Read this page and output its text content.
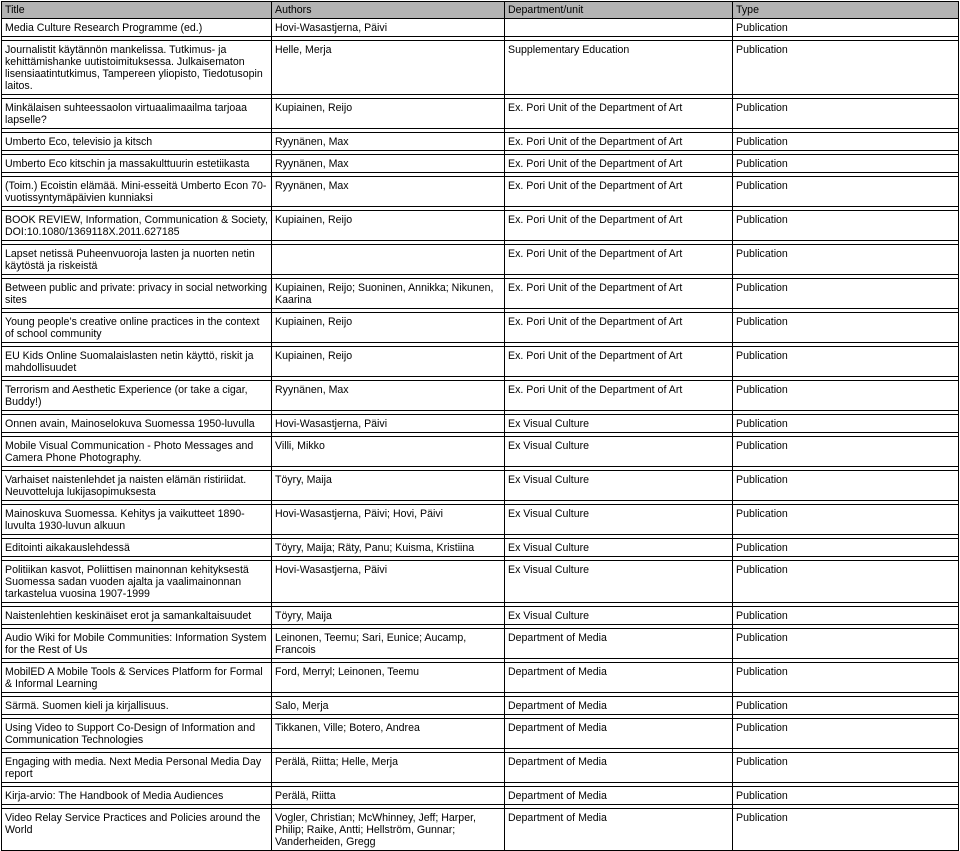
Title	Authors	Department/unit	Type
Media Culture Research Programme (ed.)	Hovi-Wasastjerna, Päivi		Publication

Journalistit käytännön mankelissa. Tutkimus- ja kehittämishanke uutistoimituksessa. Julkaisematon lisensiaatintutkimus, Tampereen yliopisto, Tiedotusopin laitos.	Helle, Merja	Supplementary Education	Publication

Minkälaisen suhteessaolon virtuaalimaailma tarjoaa lapselle?	Kupiainen, Reijo	Ex. Pori Unit of the Department of Art	Publication

Umberto Eco, televisio ja kitsch	Ryynänen, Max	Ex. Pori Unit of the Department of Art	Publication

Umberto Eco kitschin ja massakulttuurin estetiikasta	Ryynänen, Max	Ex. Pori Unit of the Department of Art	Publication

(Toim.) Ecoistin elämää. Mini-esseitä Umberto Econ 70-vuotissyntymäpäivien kunniaksi	Ryynänen, Max	Ex. Pori Unit of the Department of Art	Publication

BOOK REVIEW, Information, Communication & Society, DOI:10.1080/1369118X.2011.627185	Kupiainen, Reijo	Ex. Pori Unit of the Department of Art	Publication

Lapset netissä Puheenvuoroja lasten ja nuorten netin käytöstä ja riskeistä		Ex. Pori Unit of the Department of Art	Publication

Between public and private: privacy in social networking sites	Kupiainen, Reijo; Suoninen, Annikka; Nikunen, Kaarina	Ex. Pori Unit of the Department of Art	Publication

Young people’s creative online practices in the context of school community	Kupiainen, Reijo	Ex. Pori Unit of the Department of Art	Publication

EU Kids Online Suomalaislasten netin käyttö, riskit ja mahdollisuudet	Kupiainen, Reijo	Ex. Pori Unit of the Department of Art	Publication

Terrorism and Aesthetic Experience (or take a cigar, Buddy!)	Ryynänen, Max	Ex. Pori Unit of the Department of Art	Publication

Onnen avain, Mainoselokuva Suomessa 1950-luvulla	Hovi-Wasastjerna, Päivi	Ex Visual Culture	Publication

Mobile Visual Communication - Photo Messages and Camera Phone Photography.	Villi, Mikko	Ex Visual Culture	Publication

Varhaiset naistenlehdet ja naisten elämän ristiriidat. Neuvotteluja lukijasopimuksesta	Töyry, Maija	Ex Visual Culture	Publication

Mainoskuva Suomessa. Kehitys ja vaikutteet 1890-luvulta 1930-luvun alkuun	Hovi-Wasastjerna, Päivi; Hovi, Päivi	Ex Visual Culture	Publication

Editointi aikakauslehdessä	Töyry, Maija; Räty, Panu; Kuisma, Kristiina	Ex Visual Culture	Publication

Politiikan kasvot, Poliittisen mainonnan kehityksestä Suomessa sadan vuoden ajalta ja vaalimainonnan tarkastelua vuosina 1907-1999	Hovi-Wasastjerna, Päivi	Ex Visual Culture	Publication

Naistenlehtien keskinäiset erot ja samankaltaisuudet	Töyry, Maija	Ex Visual Culture	Publication

Audio Wiki for Mobile Communities: Information System for the Rest of Us	Leinonen, Teemu; Sari, Eunice; Aucamp, Francois	Department of Media	Publication

MobilED A Mobile Tools & Services Platform for Formal & Informal Learning	Ford, Merryl; Leinonen, Teemu	Department of Media	Publication

Särmä. Suomen kieli ja kirjallisuus.	Salo, Merja	Department of Media	Publication

Using Video to Support Co-Design of Information and Communication Technologies	Tikkanen, Ville; Botero, Andrea	Department of Media	Publication

Engaging with media. Next Media Personal Media Day report	Perälä, Riitta; Helle, Merja	Department of Media	Publication

Kirja-arvio: The Handbook of Media Audiences	Perälä, Riitta	Department of Media	Publication

Video Relay Service Practices and Policies around the World	Vogler, Christian; McWhinney, Jeff; Harper, Philip; Raike, Antti; Hellström, Gunnar; Vanderheiden, Gregg	Department of Media	Publication
